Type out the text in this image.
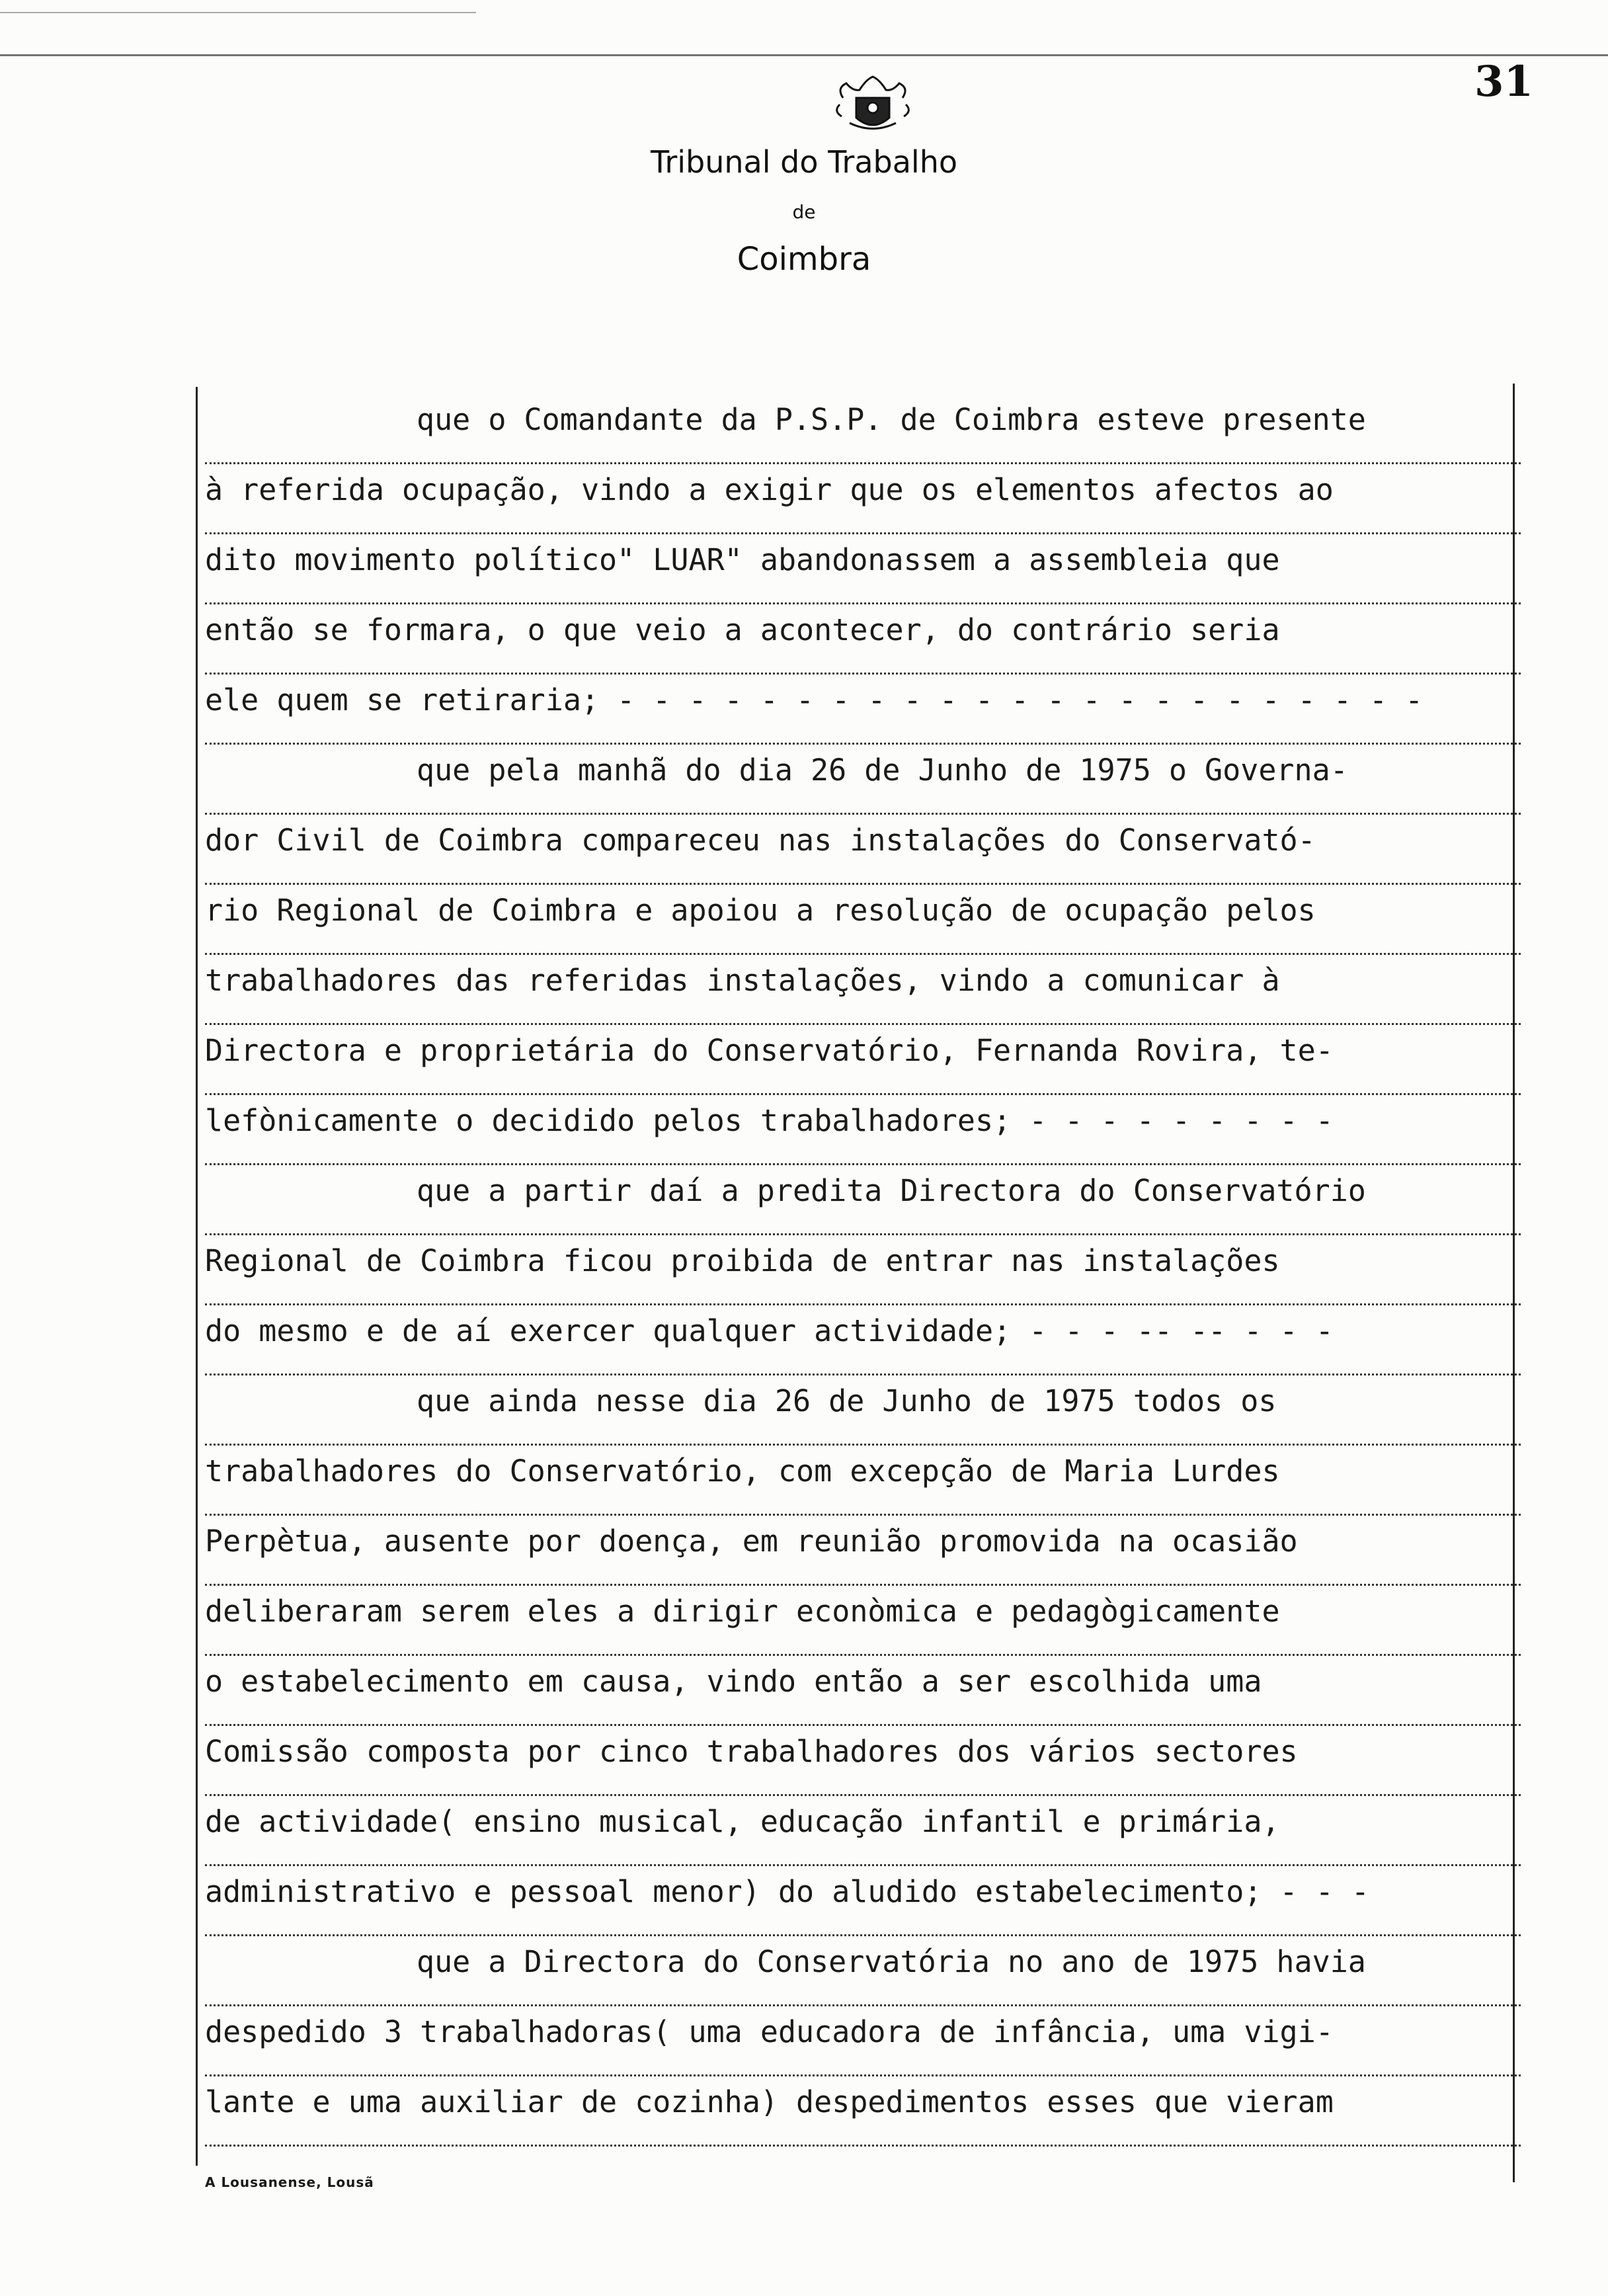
31
Tribunal do Trabalho
de
Coimbra
que o Comandante da P.S.P. de Coimbra esteve presente
à referida ocupação, vindo a exigir que os elementos afectos ao
dito movimento político" LUAR" abandonassem a assembleia que
então se formara, o que veio a acontecer, do contrário seria
ele quem se retiraria; - - - - - - - - - - - - - - - - - - - - - - -
que pela manhã do dia 26 de Junho de 1975 o Governa-
dor Civil de Coimbra compareceu nas instalações do Conservató-
rio Regional de Coimbra e apoiou a resolução de ocupação pelos
trabalhadores das referidas instalações, vindo a comunicar à
Directora e proprietária do Conservatório, Fernanda Rovira, te-
lefònicamente o decidido pelos trabalhadores; - - - - - - - - -
que a partir daí a predita Directora do Conservatório
Regional de Coimbra ficou proibida de entrar nas instalações
do mesmo e de aí exercer qualquer actividade; - - - -- -- - - -
que ainda nesse dia 26 de Junho de 1975 todos os
trabalhadores do Conservatório, com excepção de Maria Lurdes
Perpètua, ausente por doença, em reunião promovida na ocasião
deliberaram serem eles a dirigir econòmica e pedagògicamente
o estabelecimento em causa, vindo então a ser escolhida uma
Comissão composta por cinco trabalhadores dos vários sectores
de actividade( ensino musical, educação infantil e primária,
administrativo e pessoal menor) do aludido estabelecimento; - - -
que a Directora do Conservatória no ano de 1975 havia
despedido 3 trabalhadoras( uma educadora de infância, uma vigi-
lante e uma auxiliar de cozinha) despedimentos esses que vieram
A Lousanense, Lousã
